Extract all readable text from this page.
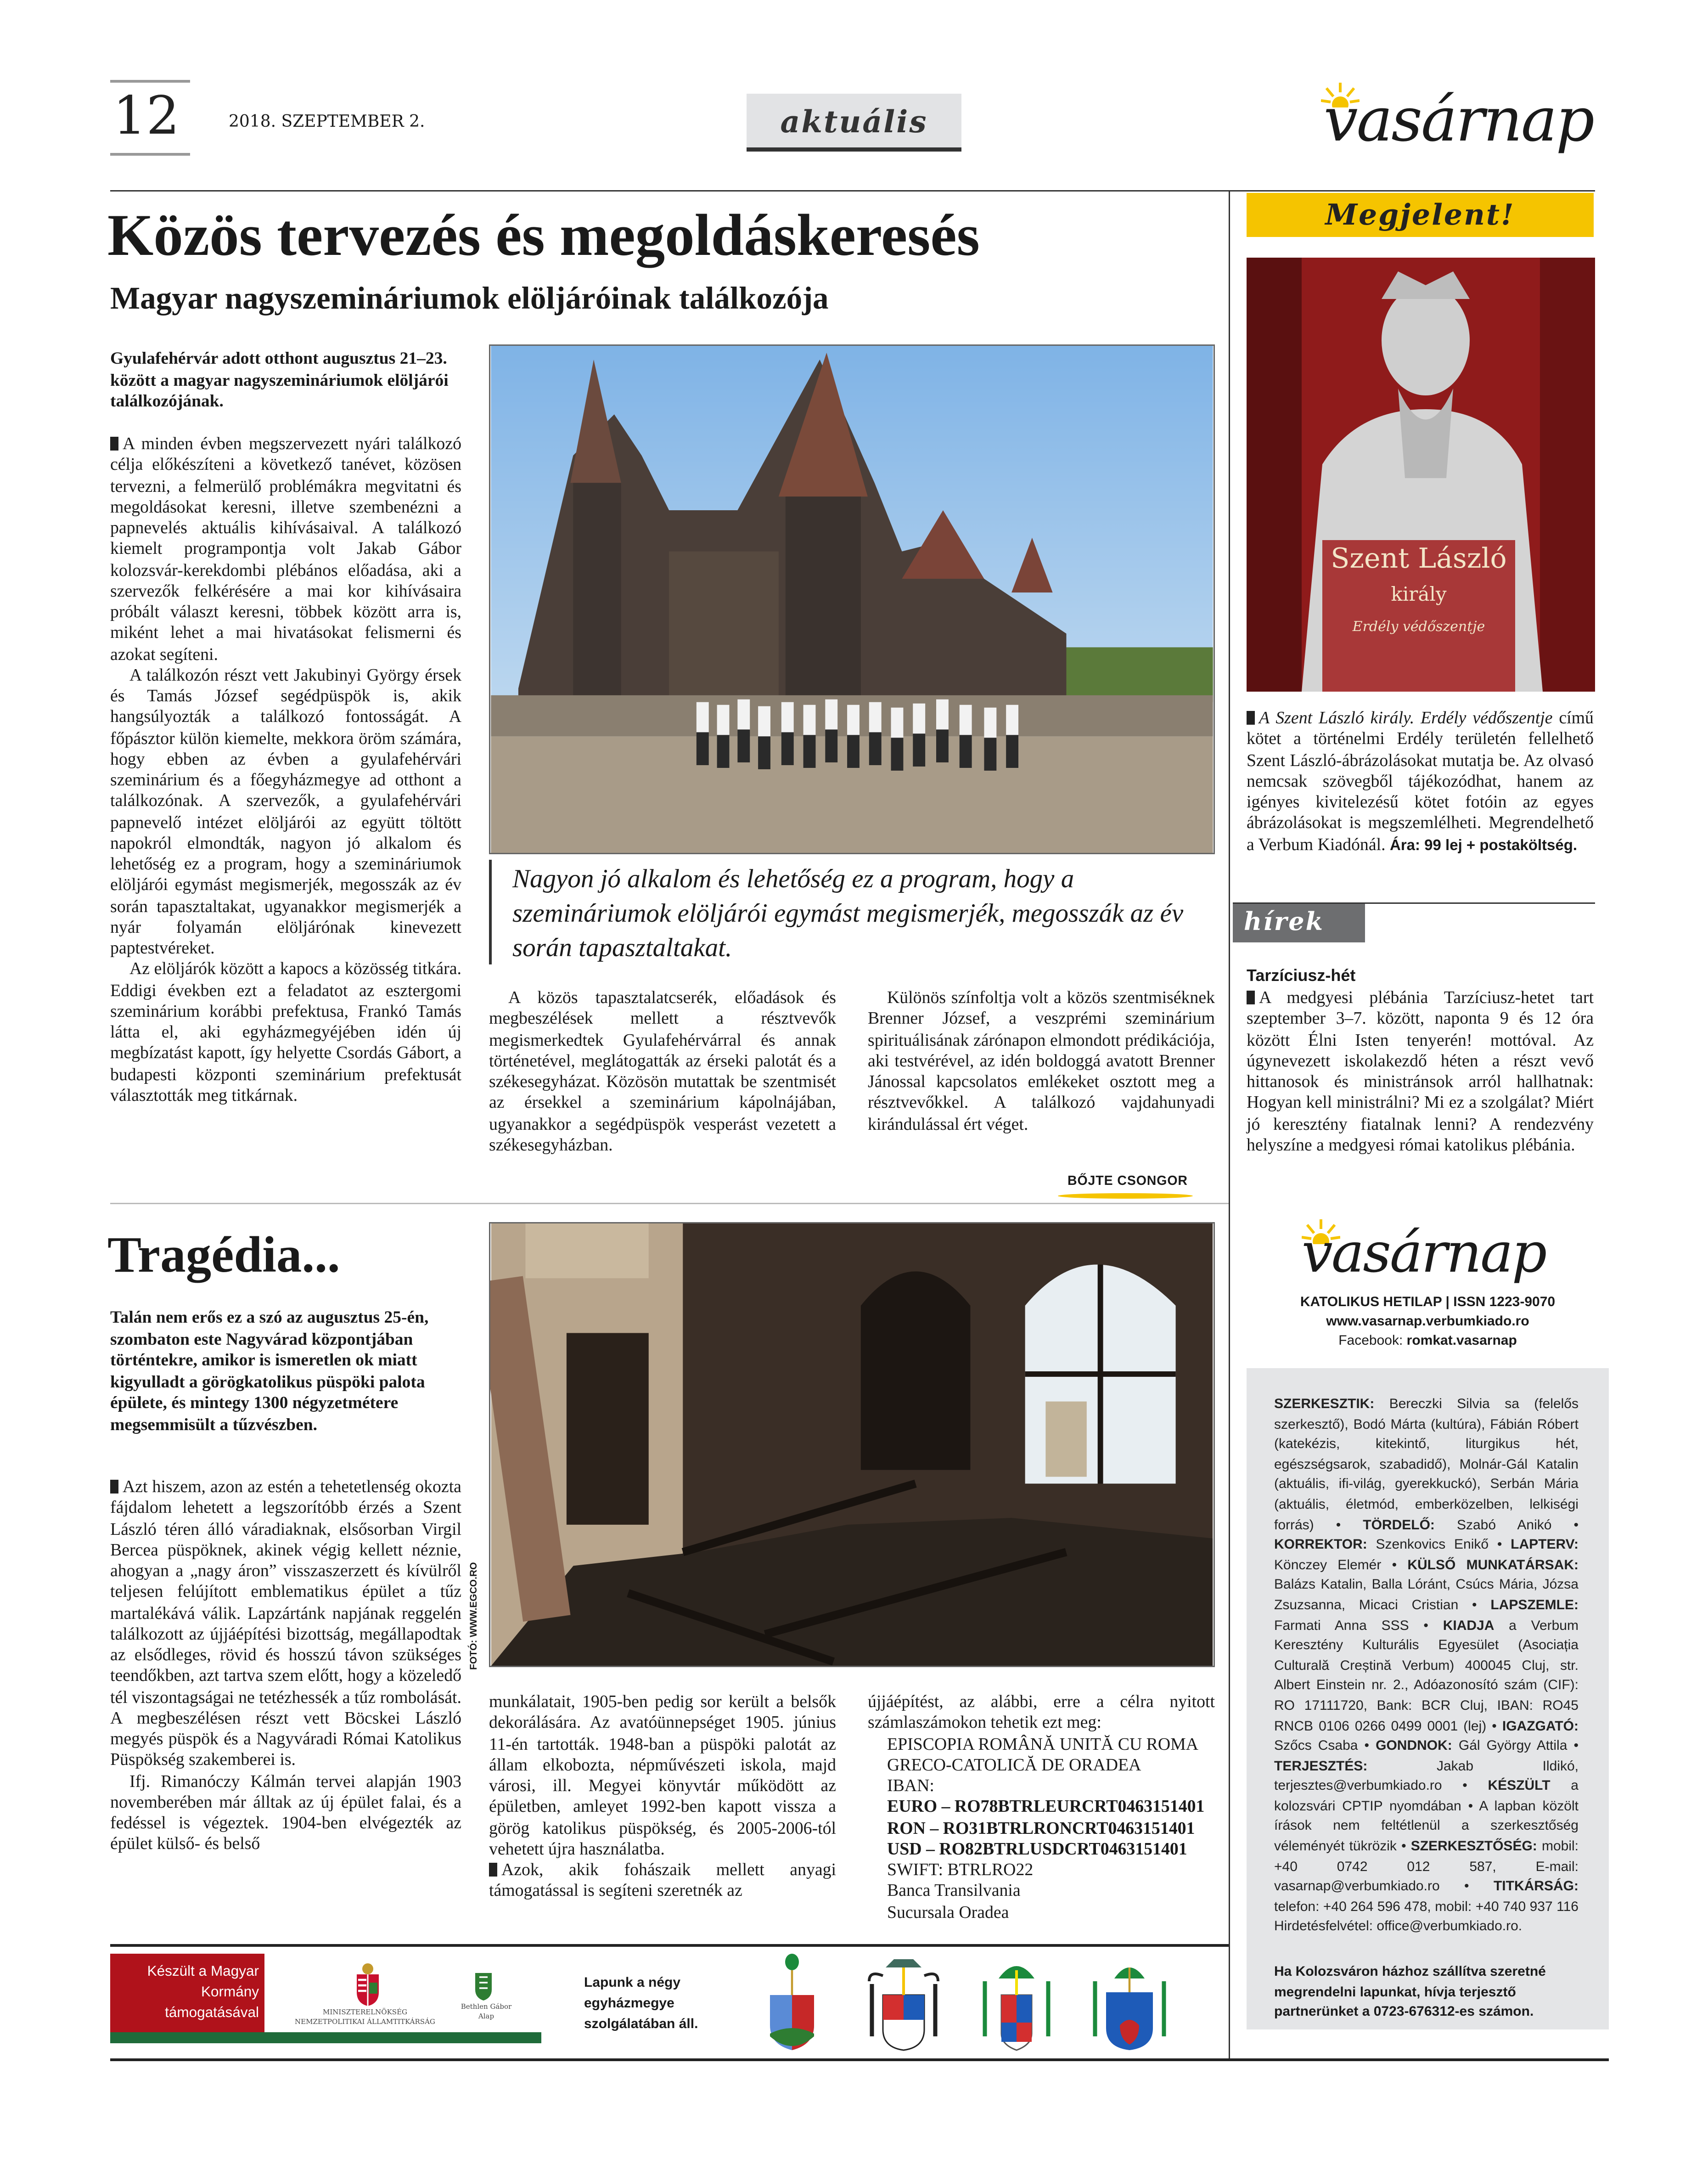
12	2018. SZEPTEMBER 2.	aktuális	vasárnap
Közös tervezés és megoldáskeresés
Magyar nagyszemináriumok elöljáróinak találkozója
Gyulafehérvár adott otthont augusztus 21–23. között a magyar nagyszemináriumok elöljárói találkozójának.

A minden évben megszervezett nyári találkozó célja előkészíteni a következő tanévet, közösen tervezni, a felmerülő problémákra megvitatni és megoldásokat keresni, illetve szembenézni a papnevelés aktuális kihívásaival. A találkozó kiemelt programpontja volt Jakab Gábor kolozsvár-kerekdombi plébános előadása, aki a szervezők felkérésére a mai kor kihívásaira próbált választ keresni, többek között arra is, miként lehet a mai hivatásokat felismerni és azokat segíteni.

A találkozón részt vett Jakubinyi György érsek és Tamás József segédpüspök is, akik hangsúlyozták a találkozó fontosságát. A főpásztor külön kiemelte, mekkora öröm számára, hogy ebben az évben a gyulafehérvári szeminárium és a főegyházmegye ad otthont a találkozónak. A szervezők, a gyulafehérvári papnevelő intézet elöljárói az együtt töltött napokról elmondták, nagyon jó alkalom és lehetőség ez a program, hogy a szemináriumok elöljárói egymást megismerjék, megosszák az év során tapasztaltakat, ugyanakkor megismerjék a nyár folyamán elöljárónak kinevezett paptestvéreket.

Az elöljárók között a kapocs a közösség titkára. Eddigi években ezt a feladatot az esztergomi szeminárium korábbi prefektusa, Frankó Tamás látta el, aki egyházmegyéjében idén új megbízatást kapott, így helyette Csordás Gábort, a budapesti központi szeminárium prefektusát választották meg titkárnak.

Nagyon jó alkalom és lehetőség ez a program, hogy a szemináriumok elöljárói egymást megismerjék, megosszák az év során tapasztaltakat.

A közös tapasztalatcserék, előadások és megbeszélések mellett a résztvevők megismerkedtek Gyulafehérvárral és annak történetével, meglátogatták az érseki palotát és a székesegyházat. Közösön mutattak be szentmisét az érsekkel a szeminárium kápolnájában, ugyanakkor a segédpüspök vesperást vezetett a székesegyházban.

Különös színfoltja volt a közös szentmiséknek Brenner József, a veszprémi szeminárium spirituálisának zárónapon elmondott prédikációja, aki testvérével, az idén boldoggá avatott Brenner Jánossal kapcsolatos emlékeket osztott meg a résztvevőkkel. A találkozó vajdahunyadi kirándulással ért véget.

BŐJTE CSONGOR
Megjelent!
Szent László
király
Erdély védőszentje

A Szent László király. Erdély védőszentje című kötet a történelmi Erdély területén fellelhető Szent László-ábrázolásokat mutatja be. Az olvasó nemcsak szövegből tájékozódhat, hanem az igényes kivitelezésű kötet fotóin az egyes ábrázolásokat is megszemlélheti. Megrendelhető a Verbum Kiadónál. Ára: 99 lej + postaköltség.

hírek
Tarzíciusz-hét

A medgyesi plébánia Tarzíciusz-hetet tart szeptember 3–7. között, naponta 9 és 12 óra között Élni Isten tenyerén! mottóval. Az úgynevezett iskolakezdő héten a részt vevő hittanosok és ministránsok arról hallhatnak: Hogyan kell ministrálni? Mi ez a szolgálat? Miért jó keresztény fiatalnak lenni? A rendezvény helyszíne a medgyesi római katolikus plébánia.

Tragédia...
Talán nem erős ez a szó az augusztus 25-én, szombaton este Nagyvárad központjában történtekre, amikor is ismeretlen ok miatt kigyulladt a görögkatolikus püspöki palota épülete, és mintegy 1300 négyzetmétere megsemmisült a tűzvészben.

Azt hiszem, azon az estén a tehetetlenség okozta fájdalom lehetett a legszorítóbb érzés a Szent László téren álló váradiaknak, elsősorban Virgil Bercea püspöknek, akinek végig kellett néznie, ahogyan a „nagy áron” visszaszerzett és kívülről teljesen felújított emblematikus épület a tűz martalékává válik. Lapzártánk napjának reggelén találkozott az újjáépítési bizottság, megállapodtak az elsődleges, rövid és hosszú távon szükséges teendőkben, azt tartva szem előtt, hogy a közeledő tél viszontagságai ne tetézhessék a tűz rombolását. A megbeszélésen részt vett Böcskei László megyés püspök és a Nagyváradi Római Katolikus Püspökség szakemberei is.

Ifj. Rimanóczy Kálmán tervei alapján 1903 novemberében már álltak az új épület falai, és a fedéssel is végeztek. 1904-ben elvégezték az épület külső- és belső

FOTÓ: WWW.EGCO.RO

munkálatait, 1905-ben pedig sor került a belsők dekorálására. Az avatóünnepséget 1905. június 11-én tartották. 1948-ban a püspöki palotát az állam elkobozta, népművészeti iskola, majd városi, ill. Megyei könyvtár működött az épületben, amleyet 1992-ben kapott vissza a görög katolikus püspökség, és 2005-2006-tól vehetett újra használatba.

Azok, akik fohászaik mellett anyagi támogatással is segíteni szeretnék az

újjáépítést, az alábbi, erre a célra nyitott számlaszámokon tehetik ezt meg:

EPISCOPIA ROMÂNĂ UNITĂ CU ROMA
GRECO-CATOLICĂ DE ORADEA
IBAN:
EURO – RO78BTRLEURCRT0463151401
RON – RO31BTRLRONCRT0463151401
USD – RO82BTRLUSDCRT0463151401
SWIFT: BTRLRO22
Banca Transilvania
Sucursala Oradea
vasárnap
KATOLIKUS HETILAP | ISSN 1223-9070
www.vasarnap.verbumkiado.ro
Facebook: romkat.vasarnap
SZERKESZTIK: Bereczki Silvia sa (felelős szerkesztő), Bodó Márta (kultúra), Fábián Róbert (katekézis, kitekintő, liturgikus hét, egészségsarok, szabadidő), Molnár-Gál Katalin (aktuális, ifi-világ, gyerekkuckó), Serbán Mária (aktuális, életmód, emberközelben, lelkiségi forrás) • TÖRDELŐ: Szabó Anikó • KORREKTOR: Szenkovics Enikő • LAPTERV: Könczey Elemér • KÜLSŐ MUNKATÁRSAK: Balázs Katalin, Balla Lóránt, Csúcs Mária, Józsa Zsuzsanna, Micaci Cristian • LAPSZEMLE: Farmati Anna SSS • KIADJA a Verbum Keresztény Kulturális Egyesület (Asociația Culturală Creștină Verbum) 400045 Cluj, str. Albert Einstein nr. 2., Adóazonosító szám (CIF): RO 17111720, Bank: BCR Cluj, IBAN: RO45 RNCB 0106 0266 0499 0001 (lej) • IGAZGATÓ: Szőcs Csaba • GONDNOK: Gál György Attila • TERJESZTÉS: Jakab Ildikó, terjesztes@verbumkiado.ro • KÉSZÜLT a kolozsvári CPTIP nyomdában • A lapban közölt írások nem feltétlenül a szerkesztőség véleményét tükrözik • SZERKESZTŐSÉG: mobil: +40 0742 012 587, E-mail: vasarnap@verbumkiado.ro • TITKÁRSÁG: telefon: +40 264 596 478, mobil: +40 740 937 116 Hirdetésfelvétel: office@verbumkiado.ro.
Ha Kolozsváron házhoz szállítva szeretné megrendelni lapunkat, hívja terjesztő partnerünket a 0723-676312-es számon.
Készült a Magyar Kormány támogatásával	MINISZTERELNÖKSÉG
NEMZETPOLITIKAI ÁLLAMTITKÁRSÁG
Bethlen Gábor
Alap
Lapunk a négy egyházmegye szolgálatában áll.
